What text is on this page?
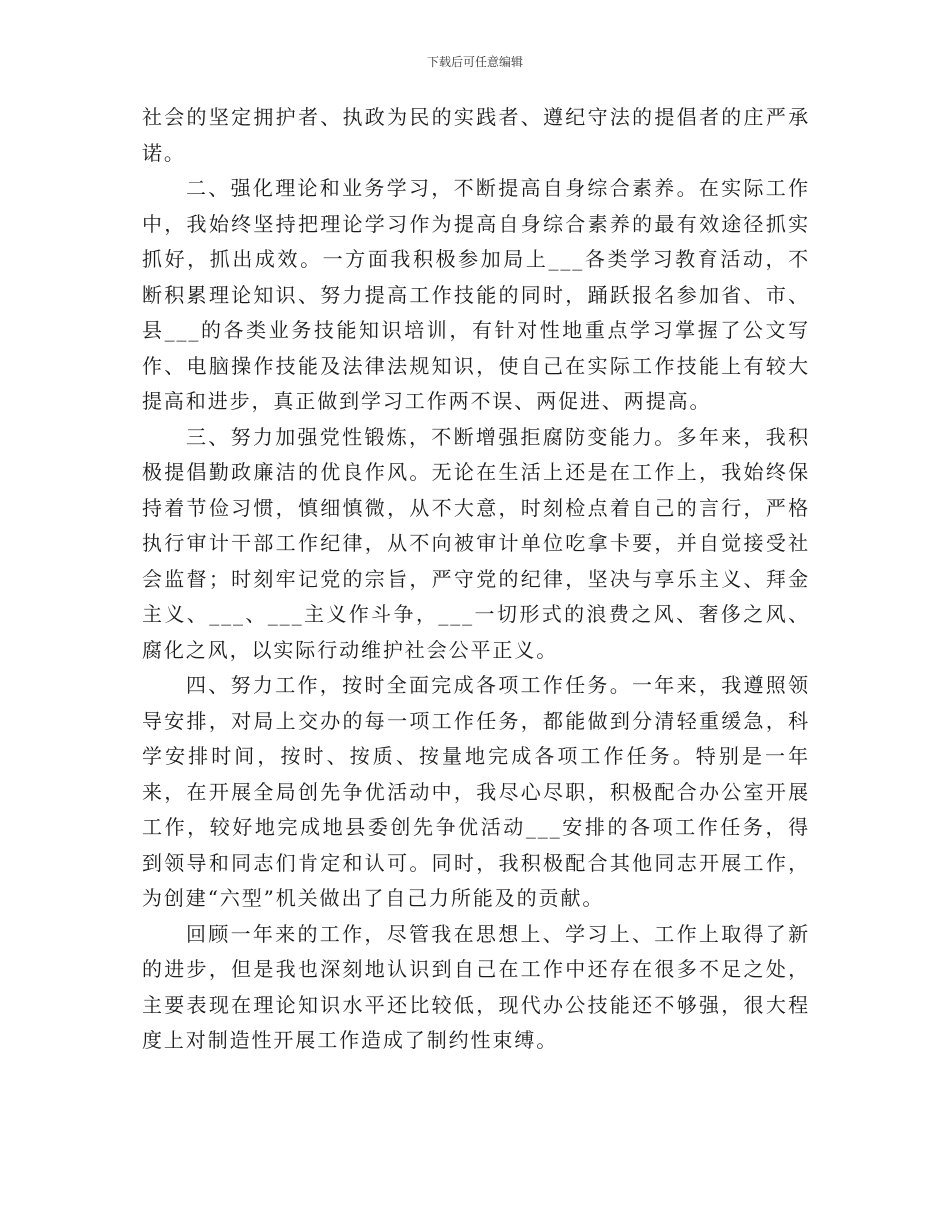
下载后可任意编辑

社会的坚定拥护者、执政为民的实践者、遵纪守法的提倡者的庄严承诺。

二、强化理论和业务学习，不断提高自身综合素养。在实际工作中，我始终坚持把理论学习作为提高自身综合素养的最有效途径抓实抓好，抓出成效。一方面我积极参加局上___各类学习教育活动，不断积累理论知识、努力提高工作技能的同时，踊跃报名参加省、市、县___的各类业务技能知识培训，有针对性地重点学习掌握了公文写作、电脑操作技能及法律法规知识，使自己在实际工作技能上有较大提高和进步，真正做到学习工作两不误、两促进、两提高。

三、努力加强党性锻炼，不断增强拒腐防变能力。多年来，我积极提倡勤政廉洁的优良作风。无论在生活上还是在工作上，我始终保持着节俭习惯，慎细慎微，从不大意，时刻检点着自己的言行，严格执行审计干部工作纪律，从不向被审计单位吃拿卡要，并自觉接受社会监督；时刻牢记党的宗旨，严守党的纪律，坚决与享乐主义、拜金主义、___、___主义作斗争，___一切形式的浪费之风、奢侈之风、腐化之风，以实际行动维护社会公平正义。

四、努力工作，按时全面完成各项工作任务。一年来，我遵照领导安排，对局上交办的每一项工作任务，都能做到分清轻重缓急，科学安排时间，按时、按质、按量地完成各项工作任务。特别是一年来，在开展全局创先争优活动中，我尽心尽职，积极配合办公室开展工作，较好地完成地县委创先争优活动___安排的各项工作任务，得到领导和同志们肯定和认可。同时，我积极配合其他同志开展工作，为创建“六型”机关做出了自己力所能及的贡献。

回顾一年来的工作，尽管我在思想上、学习上、工作上取得了新的进步，但是我也深刻地认识到自己在工作中还存在很多不足之处，主要表现在理论知识水平还比较低，现代办公技能还不够强，很大程度上对制造性开展工作造成了制约性束缚。
